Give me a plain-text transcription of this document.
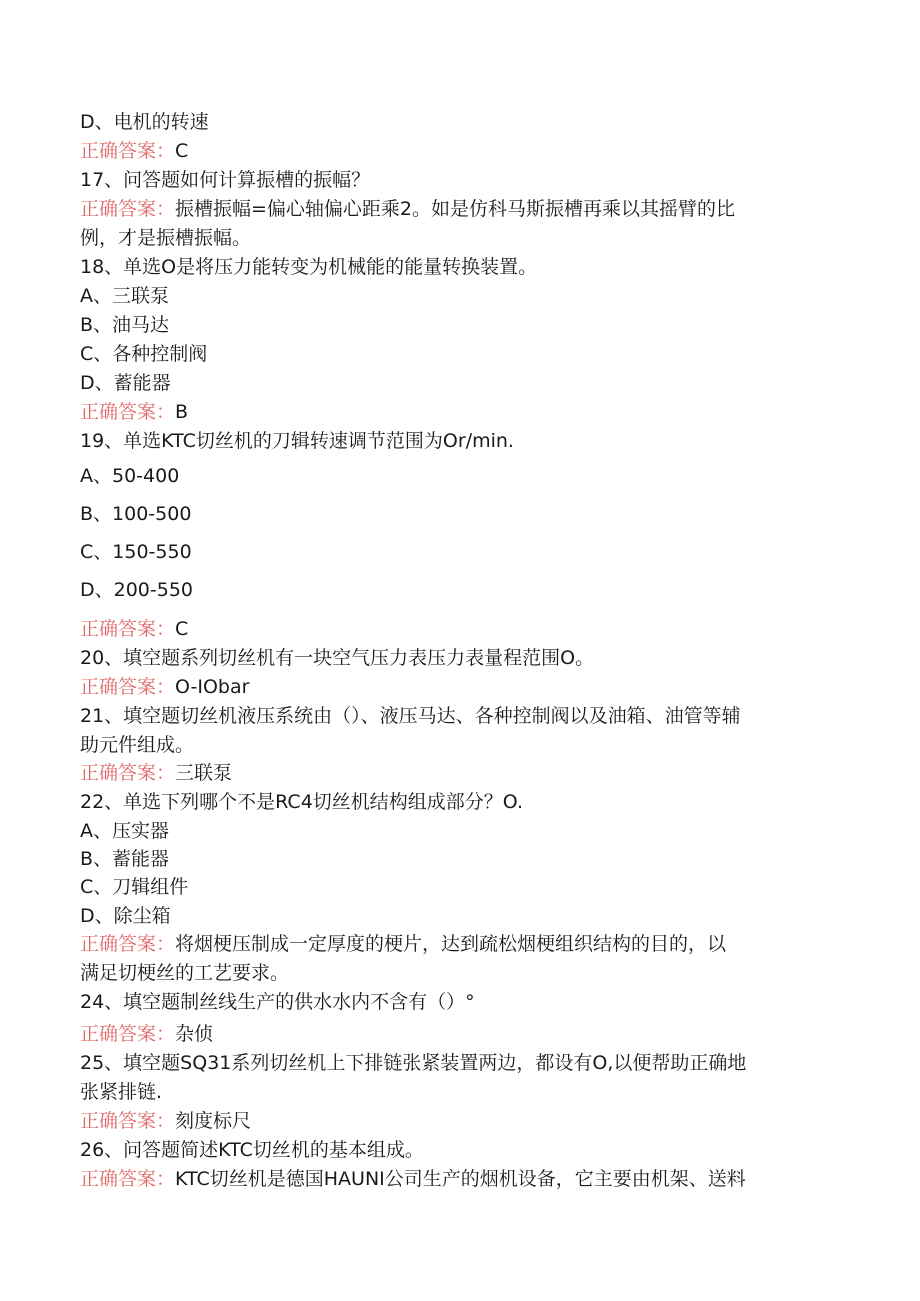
D、电机的转速
正确答案：C
17、问答题如何计算振槽的振幅？
正确答案：振槽振幅=偏心轴偏心距乘2。如是仿科马斯振槽再乘以其摇臂的比
例，才是振槽振幅。
18、单选O是将压力能转变为机械能的能量转换装置。
A、三联泵
B、油马达
C、各种控制阀
D、蓄能器
正确答案：B
19、单选KTC切丝机的刀辑转速调节范围为Or∕min.
A、50-400
B、100-500
C、150-550
D、200-550
正确答案：C
20、填空题系列切丝机有一块空气压力表压力表量程范围O。
正确答案：O-IObar
21、填空题切丝机液压系统由（）、液压马达、各种控制阀以及油箱、油管等辅
助元件组成。
正确答案：三联泵
22、单选下列哪个不是RC4切丝机结构组成部分？O.
A、压实器
B、蓄能器
C、刀辑组件
D、除尘箱
正确答案：将烟梗压制成一定厚度的梗片，达到疏松烟梗组织结构的目的，以
满足切梗丝的工艺要求。
24、填空题制丝线生产的供水水内不含有（）°
正确答案：杂侦
25、填空题SQ31系列切丝机上下排链张紧装置两边，都设有O,以便帮助正确地
张紧排链.
正确答案：刻度标尺
26、问答题简述KTC切丝机的基本组成。
正确答案：KTC切丝机是德国HAUNI公司生产的烟机设备，它主要由机架、送料
